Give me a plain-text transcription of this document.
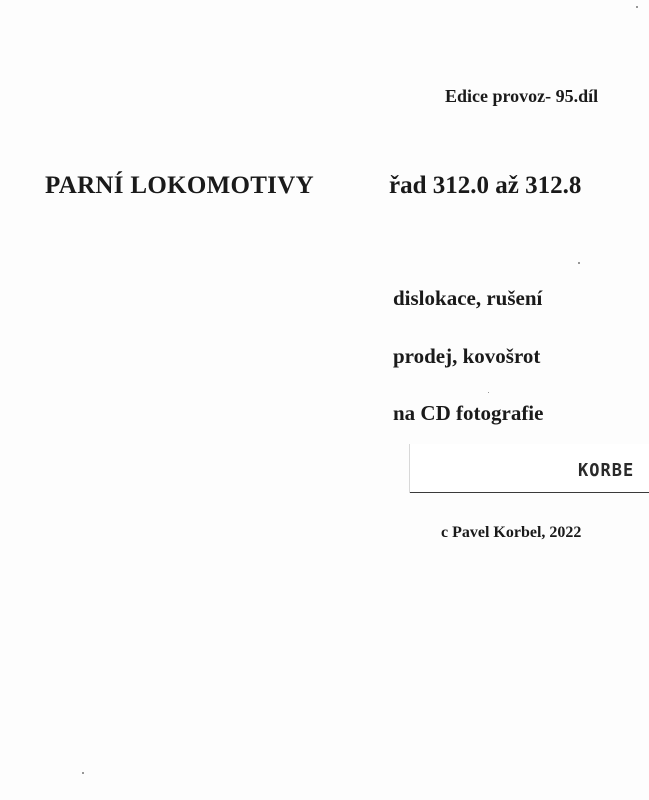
Edice provoz- 95.díl
PARNÍ LOKOMOTIVY	řad 312.0 až 312.8
dislokace, rušení
prodej, kovošrot
na CD fotografie
KORBE
c Pavel Korbel, 2022
